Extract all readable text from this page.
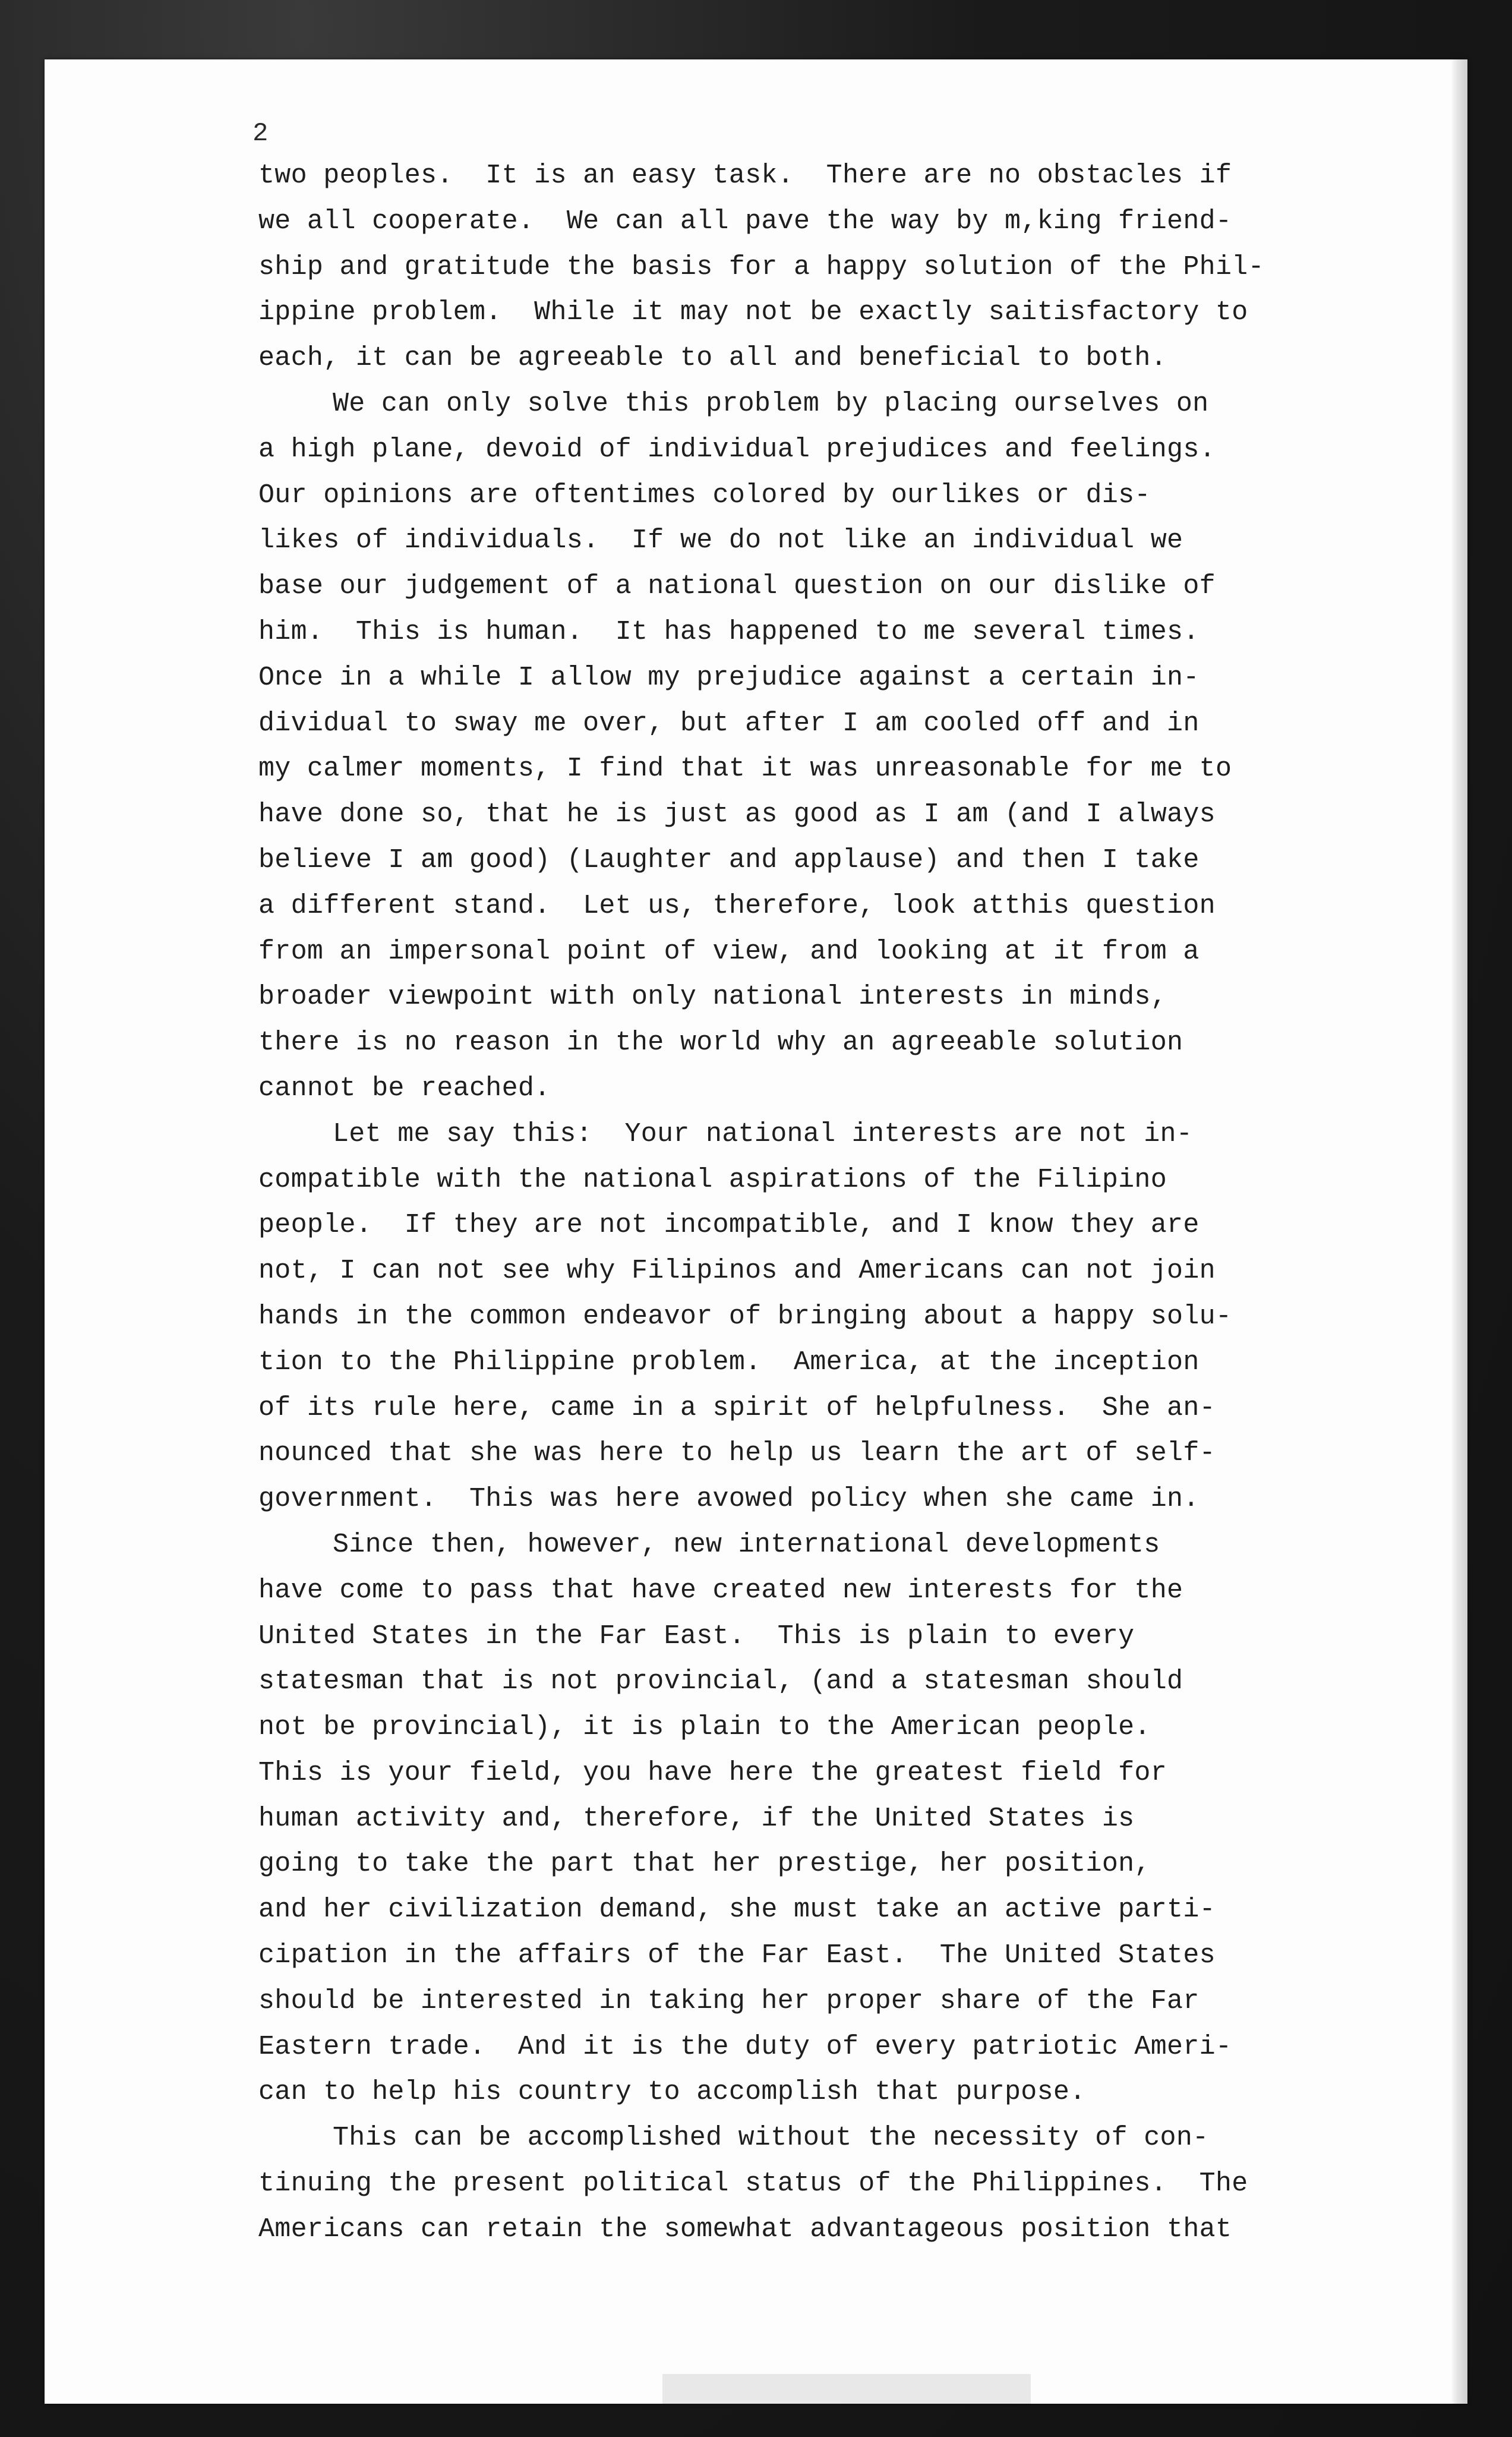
2
two peoples.  It is an easy task.  There are no obstacles if
we all cooperate.  We can all pave the way by m,king friend-
ship and gratitude the basis for a happy solution of the Phil-
ippine problem.  While it may not be exactly saitisfactory to
each, it can be agreeable to all and beneficial to both.
We can only solve this problem by placing ourselves on
a high plane, devoid of individual prejudices and feelings.
Our opinions are oftentimes colored by ourlikes or dis-
likes of individuals.  If we do not like an individual we
base our judgement of a national question on our dislike of
him.  This is human.  It has happened to me several times.
Once in a while I allow my prejudice against a certain in-
dividual to sway me over, but after I am cooled off and in
my calmer moments, I find that it was unreasonable for me to
have done so, that he is just as good as I am (and I always
believe I am good) (Laughter and applause) and then I take
a different stand.  Let us, therefore, look atthis question
from an impersonal point of view, and looking at it from a
broader viewpoint with only national interests in minds,
there is no reason in the world why an agreeable solution
cannot be reached.
Let me say this:  Your national interests are not in-
compatible with the national aspirations of the Filipino
people.  If they are not incompatible, and I know they are
not, I can not see why Filipinos and Americans can not join
hands in the common endeavor of bringing about a happy solu-
tion to the Philippine problem.  America, at the inception
of its rule here, came in a spirit of helpfulness.  She an-
nounced that she was here to help us learn the art of self-
government.  This was here avowed policy when she came in.
Since then, however, new international developments
have come to pass that have created new interests for the
United States in the Far East.  This is plain to every
statesman that is not provincial, (and a statesman should
not be provincial), it is plain to the American people.
This is your field, you have here the greatest field for
human activity and, therefore, if the United States is
going to take the part that her prestige, her position,
and her civilization demand, she must take an active parti-
cipation in the affairs of the Far East.  The United States
should be interested in taking her proper share of the Far
Eastern trade.  And it is the duty of every patriotic Ameri-
can to help his country to accomplish that purpose.
This can be accomplished without the necessity of con-
tinuing the present political status of the Philippines.  The
Americans can retain the somewhat advantageous position that
